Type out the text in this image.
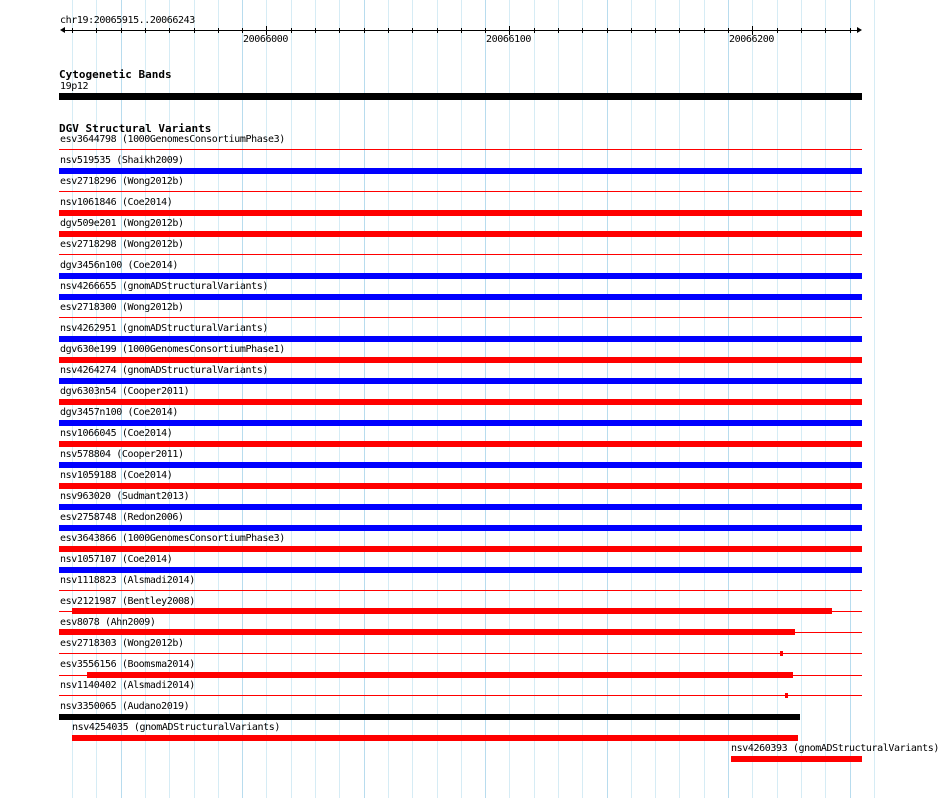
chr19:20065915..20066243
20066000	20066100	20066200
Cytogenetic Bands
19p12
DGV Structural Variants
esv3644798 (1000GenomesConsortiumPhase3)
nsv519535 (Shaikh2009)
esv2718296 (Wong2012b)
nsv1061846 (Coe2014)
dgv509e201 (Wong2012b)
esv2718298 (Wong2012b)
dgv3456n100 (Coe2014)
nsv4266655 (gnomADStructuralVariants)
esv2718300 (Wong2012b)
nsv4262951 (gnomADStructuralVariants)
dgv630e199 (1000GenomesConsortiumPhase1)
nsv4264274 (gnomADStructuralVariants)
dgv6303n54 (Cooper2011)
dgv3457n100 (Coe2014)
nsv1066045 (Coe2014)
nsv578804 (Cooper2011)
nsv1059188 (Coe2014)
nsv963020 (Sudmant2013)
esv2758748 (Redon2006)
esv3643866 (1000GenomesConsortiumPhase3)
nsv1057107 (Coe2014)
nsv1118823 (Alsmadi2014)
esv2121987 (Bentley2008)
esv8078 (Ahn2009)
esv2718303 (Wong2012b)
esv3556156 (Boomsma2014)
nsv1140402 (Alsmadi2014)
nsv3350065 (Audano2019)
nsv4254035 (gnomADStructuralVariants)
nsv4260393 (gnomADStructuralVariants)
